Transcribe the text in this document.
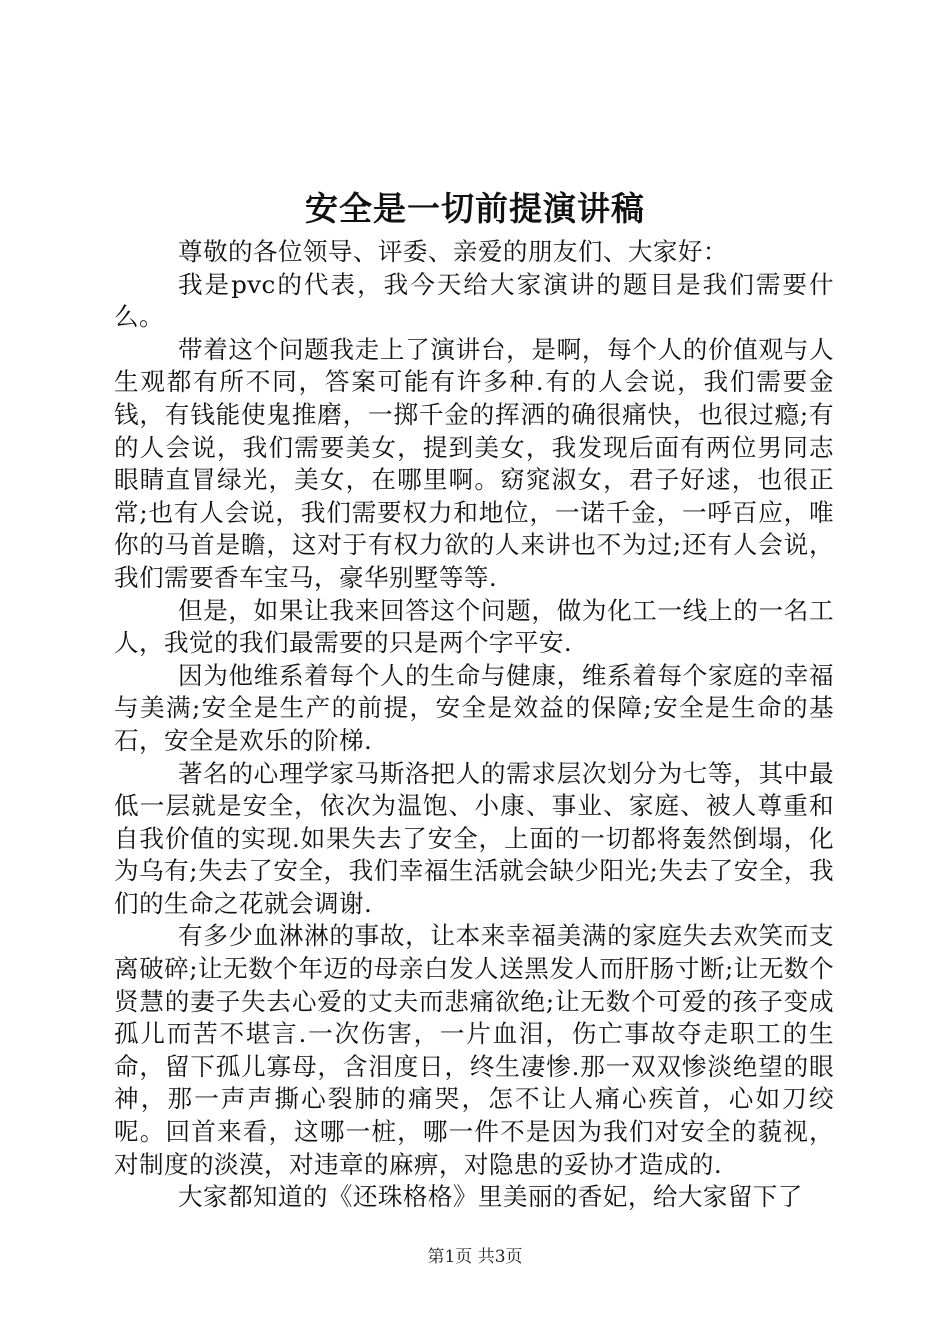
安全是一切前提演讲稿

尊敬的各位领导、评委、亲爱的朋友们、大家好：

我是pvc的代表，我今天给大家演讲的题目是我们需要什么。

带着这个问题我走上了演讲台，是啊，每个人的价值观与人生观都有所不同，答案可能有许多种.有的人会说，我们需要金钱，有钱能使鬼推磨，一掷千金的挥洒的确很痛快，也很过瘾;有的人会说，我们需要美女，提到美女，我发现后面有两位男同志眼睛直冒绿光，美女，在哪里啊。窈窕淑女，君子好逑，也很正常;也有人会说，我们需要权力和地位，一诺千金，一呼百应，唯你的马首是瞻，这对于有权力欲的人来讲也不为过;还有人会说，我们需要香车宝马，豪华别墅等等.

但是，如果让我来回答这个问题，做为化工一线上的一名工人，我觉的我们最需要的只是两个字平安.

因为他维系着每个人的生命与健康，维系着每个家庭的幸福与美满;安全是生产的前提，安全是效益的保障;安全是生命的基石，安全是欢乐的阶梯.

著名的心理学家马斯洛把人的需求层次划分为七等，其中最低一层就是安全，依次为温饱、小康、事业、家庭、被人尊重和自我价值的实现.如果失去了安全，上面的一切都将轰然倒塌，化为乌有;失去了安全，我们幸福生活就会缺少阳光;失去了安全，我们的生命之花就会调谢.

有多少血淋淋的事故，让本来幸福美满的家庭失去欢笑而支离破碎;让无数个年迈的母亲白发人送黑发人而肝肠寸断;让无数个贤慧的妻子失去心爱的丈夫而悲痛欲绝;让无数个可爱的孩子变成孤儿而苦不堪言.一次伤害，一片血泪，伤亡事故夺走职工的生命，留下孤儿寡母，含泪度日，终生凄惨.那一双双惨淡绝望的眼神，那一声声撕心裂肺的痛哭，怎不让人痛心疾首，心如刀绞呢。回首来看，这哪一桩，哪一件不是因为我们对安全的藐视，对制度的淡漠，对违章的麻痹，对隐患的妥协才造成的.

大家都知道的《还珠格格》里美丽的香妃，给大家留下了

第1页 共3页
